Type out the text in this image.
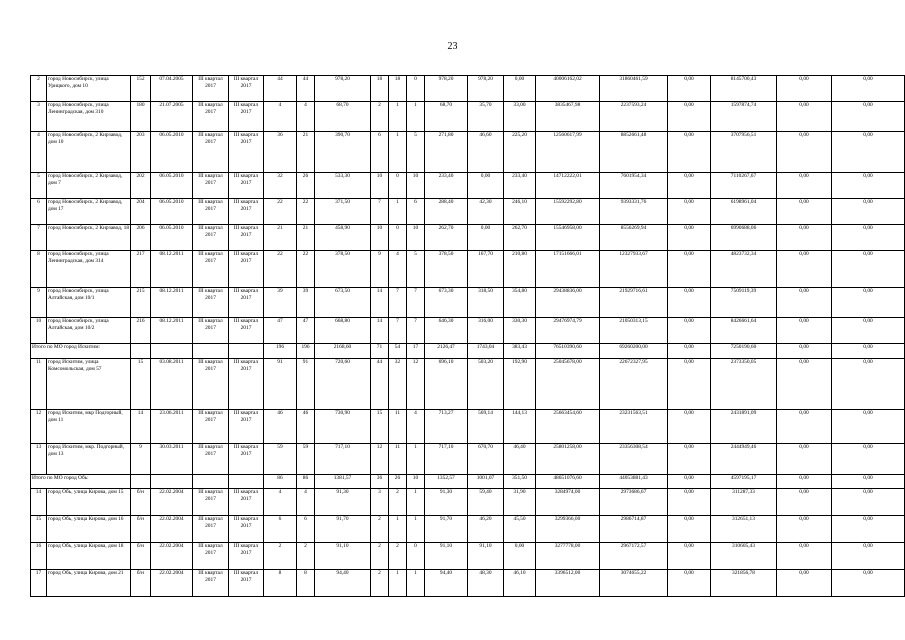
23
2	город Новосибирск, улица Урицкого, дом 10	152	07.04.2005	III квартал 2017	III квартал 2017	44	44	978,20	18	18	0	978,20	978,20	0,00	40006162,02	31860461,59	0,00	8145700,43	0,00	0,00
3	город Новосибирск, улица Ленинградская, дом 310	180	21.07.2005	III квартал 2017	III квартал 2017	4	4	68,70	2	1	1	68,70	35,70	33,00	3835467,98	2237593,24	0,00	1597874,74	0,00	0,00
4	город Новосибирск, 2 Кирзавод, дом 10	203	06.05.2010	III квартал 2017	III квартал 2017	36	21	390,70	6	1	5	271,80	46,60	225,20	12560617,99	8852661,48	0,00	3707956,51	0,00	0,00
5	город Новосибирск, 2 Кирзавод, дом 7	202	06.05.2010	III квартал 2017	III квартал 2017	32	26	533,30	10	0	10	233,40	0,00	233,40	14712222,01	7601954,34	0,00	7110267,67	0,00	0,00
6	город Новосибирск, 2 Кирзавод, дом 17	204	06.05.2010	III квартал 2017	III квартал 2017	22	22	371,50	7	1	6	288,40	42,30	246,10	15592292,80	9393331,76	0,00	6198961,04	0,00	0,00
7	город Новосибирск, 2 Кирзавод, 18	206	06.05.2010	III квартал 2017	III квартал 2017	21	21	458,90	10	0	10	262,70	0,00	262,70	15546958,00	8556269,94	0,00	6990688,06	0,00	0,00
8	город Новосибирск, улица Ленинградская, дом 314	217	08.12.2011	III квартал 2017	III квартал 2017	22	22	378,50	9	4	5	378,50	167,70	210,80	17151666,01	12327933,67	0,00	4823732,34	0,00	0,00
9	город Новосибирск, улица Алтайская, дом 10/1	215	08.12.2011	III квартал 2017	III квартал 2017	39	39	673,50	14	7	7	673,30	318,50	354,80	29438836,00	21929716,61	0,00	7509119,39	0,00	0,00
10	город Новосибирск, улица Алтайская, дом 10/2	216	08.12.2011	III квартал 2017	III квартал 2017	47	47	668,80	14	7	7	646,30	316,00	330,30	29476974,79	21050313,15	0,00	8426661,64	0,00	0,00
Итого по МО город Искитим:						196	196	2168,60	71	54	17	2126,47	1743,04	383,43	76510390,60	69260200,00	0,00	7250190,60	0,00	0,00
11	город Искитим, улица Комсомольская, дом 57	15	03.08.2011	III квартал 2017	III квартал 2017	91	91	720,60	44	32	12	696,10	503,20	192,90	25045678,00	22672327,95	0,00	2373350,05	0,00	0,00
12	город Искитим, мкр Подгорный, дом 11	14	23.06.2011	III квартал 2017	III квартал 2017	46	46	730,90	15	11	4	713,27	569,14	144,13	25663454,60	23231563,51	0,00	2431891,09	0,00	0,00
13	город Искитим, мкр. Подгорный, дом 13	9	30.03.2011	III квартал 2017	III квартал 2017	59	59	717,10	12	11	1	717,10	670,70	46,40	25801258,00	23356308,54	0,00	2444949,46	0,00	0,00
Итого по МО город Обь:						86	86	1381,57	36	26	10	1352,57	1001,07	351,50	48651076,60	44053881,43	0,00	4597195,17	0,00	0,00
14	город Обь, улица Кирова, дом 15	б/н	22.02.2004	III квартал 2017	III квартал 2017	4	4	91,30	3	2	1	91,30	59,40	31,90	3284974,00	2973686,67	0,00	311287,33	0,00	0,00
15	город Обь, улица Кирова, дом 16	б/н	22.02.2004	III квартал 2017	III квартал 2017	6	6	91,70	2	1	1	91,70	46,20	45,50	3299366,00	2986714,87	0,00	312651,13	0,00	0,00
16	город Обь, улица Кирова, дом 18	б/н	22.02.2004	III квартал 2017	III квартал 2017	2	2	91,10	2	2	0	91,10	91,10	0,00	3277778,00	2967172,57	0,00	310605,43	0,00	0,00
17	город Обь, улица Кирова, дом 21	б/н	22.02.2004	III квартал 2017	III квартал 2017	8	8	94,40	2	1	1	94,40	48,30	46,10	3396512,00	3074655,22	0,00	321856,78	0,00	0,00
